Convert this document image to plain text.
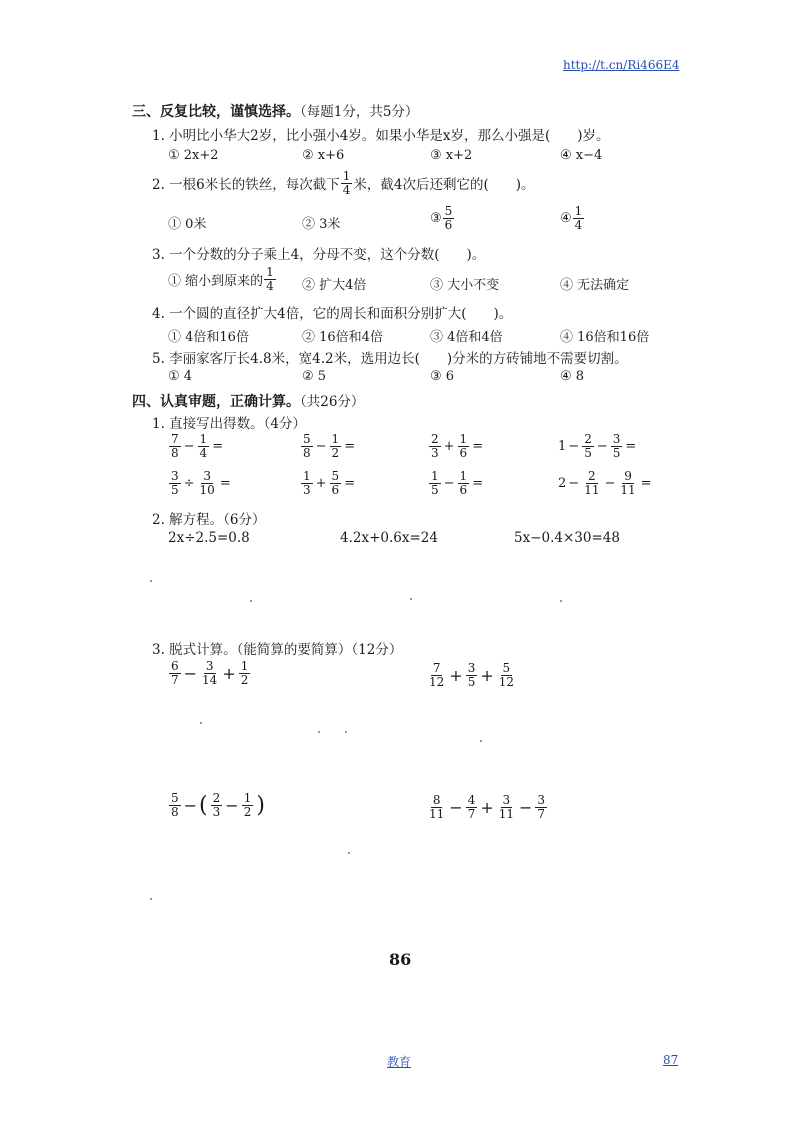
http://t.cn/Ri466E4
三、反复比较，谨慎选择。（每题1分，共5分）
1. 小明比小华大2岁，比小强小4岁。如果小华是x岁，那么小强是(　　)岁。
① 2x+2	② x+6	③ x+2	④ x−4
2. 一根6米长的铁丝，每次截下 $\frac{1}{4}$ 米，截4次后还剩它的(　　)。
① 0米	② 3米	③ $\frac{5}{6}$	④ $\frac{1}{4}$
3. 一个分数的分子乘上4，分母不变，这个分数(　　)。
① 缩小到原来的 $\frac{1}{4}$ ② 扩大4倍	③ 大小不变	④ 无法确定
4. 一个圆的直径扩大4倍，它的周长和面积分别扩大(　　)。
① 4倍和16倍	② 16倍和4倍	③ 4倍和4倍	④ 16倍和16倍
5. 李丽家客厅长4.8米，宽4.2米，选用边长(　　)分米的方砖铺地不需要切割。
① 4	② 5	③ 6	④ 8
四、认真审题，正确计算。（共26分）
1. 直接写出得数。（4分）
$\frac{7}{8} - \frac{1}{4}$ =	$\frac{5}{8} - \frac{1}{2}$ =	$\frac{2}{3} + \frac{1}{6}$ =	$1 - \frac{2}{5} - \frac{3}{5}$ =
$\frac{3}{5} \div \frac{3}{10}$ =	$\frac{1}{3} + \frac{5}{6}$ =	$\frac{1}{5} - \frac{1}{6}$ =	$2 - \frac{2}{11} - \frac{9}{11}$ =
2. 解方程。（6分）
2x÷2.5=0.8	4.2x+0.6x=24	5x−0.4×30=48
3. 脱式计算。（能简算的要简算）（12分）
$\frac{6}{7} - \frac{3}{14} + \frac{1}{2}$	$\frac{7}{12} + \frac{3}{5} + \frac{5}{12}$
$\frac{5}{8}$ − ( $\frac{2}{3} - \frac{1}{2}$ )	$\frac{8}{11} - \frac{4}{7} + \frac{3}{11} - \frac{3}{7}$
86
教育	87
